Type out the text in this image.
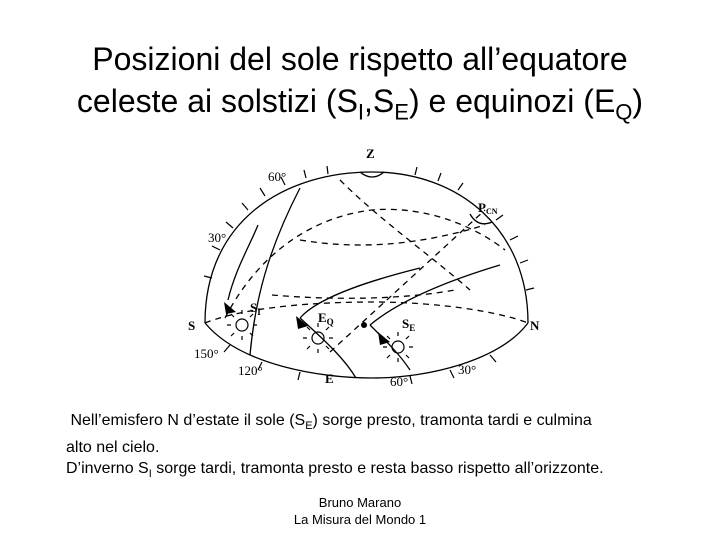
Posizioni del sole rispetto all’equatore
celeste ai solstizi $(S_I,S_E)$ e equinozi $(E_Q)$
Z
PCN
S	N
E
$S_I$	$E_Q$	$S_E$
60°
30°
150°
120°
60°
30°

Nell’emisfero N d’estate il sole $(S_E)$ sorge presto, tramonta tardi e culmina

alto nel cielo.

D’inverno $S_I$ sorge tardi, tramonta presto e resta basso rispetto all’orizzonte.

Bruno Marano
La Misura del Mondo 1
